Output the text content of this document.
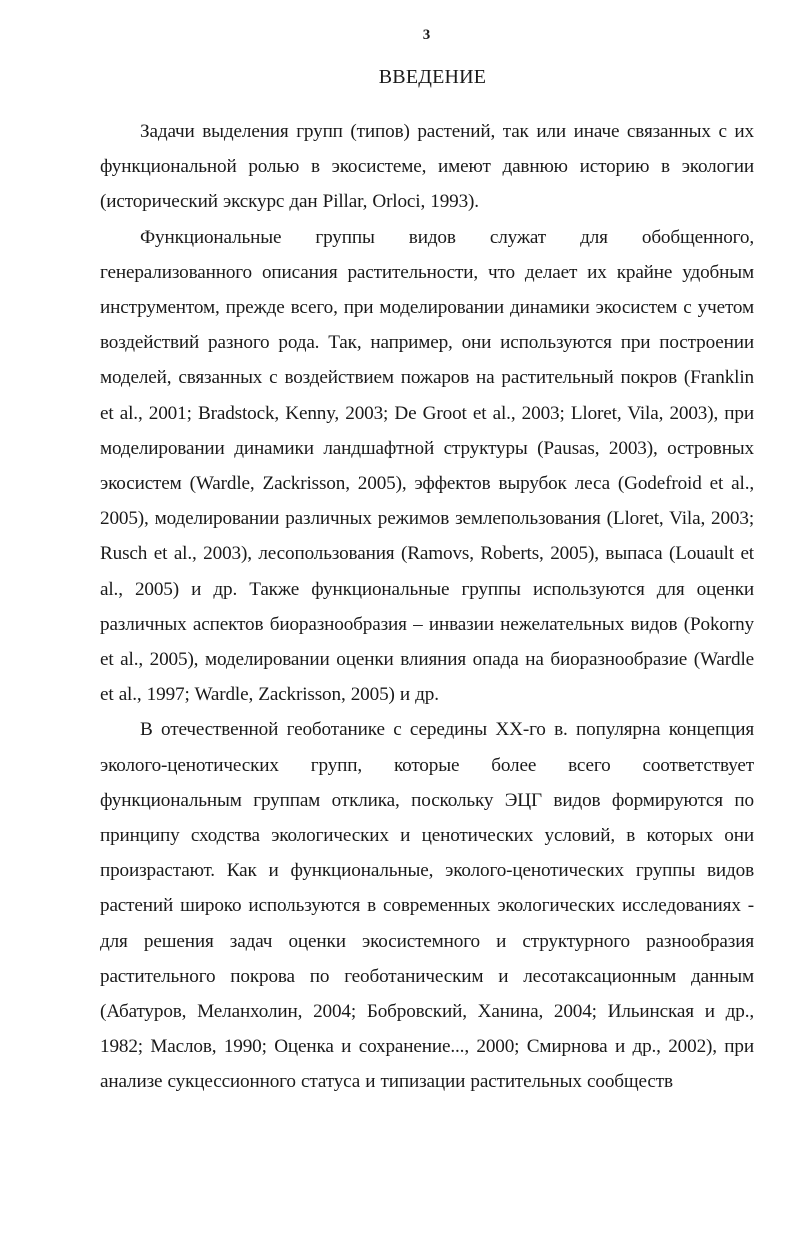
3
ВВЕДЕНИЕ

Задачи выделения групп (типов) растений, так или иначе связанных с их функциональной ролью в экосистеме, имеют давнюю историю в экологии (исторический экскурс дан Pillar, Orloci, 1993).

Функциональные группы видов служат для обобщенного, генерализованного описания растительности, что делает их крайне удобным инструментом, прежде всего, при моделировании динамики экосистем с учетом воздействий разного рода. Так, например, они используются при построении моделей, связанных с воздействием пожаров на растительный покров (Franklin et al., 2001; Bradstock, Kenny, 2003; De Groot et al., 2003; Lloret, Vila, 2003), при моделировании динамики ландшафтной структуры (Pausas, 2003), островных экосистем (Wardle, Zackrisson, 2005), эффектов вырубок леса (Godefroid et al., 2005), моделировании различных режимов землепользования (Lloret, Vila, 2003; Rusch et al., 2003), лесопользования (Ramovs, Roberts, 2005), выпаса (Louault et al., 2005) и др. Также функциональные группы используются для оценки различных аспектов биоразнообразия – инвазии нежелательных видов (Pokorny et al., 2005), моделировании оценки влияния опада на биоразнообразие (Wardle et al., 1997; Wardle, Zackrisson, 2005) и др.

В отечественной геоботанике с середины ХХ-го в. популярна концепция эколого-ценотических групп, которые более всего соответствует функциональным группам отклика, поскольку ЭЦГ видов формируются по принципу сходства экологических и ценотических условий, в которых они произрастают. Как и функциональные, эколого-ценотических группы видов растений широко используются в современных экологических исследованиях - для решения задач оценки экосистемного и структурного разнообразия растительного покрова по геоботаническим и лесотаксационным данным (Абатуров, Меланхолин, 2004; Бобровский, Ханина, 2004; Ильинская и др., 1982; Маслов, 1990; Оценка и сохранение..., 2000; Смирнова и др., 2002), при анализе сукцессионного статуса и типизации растительных сообществ
